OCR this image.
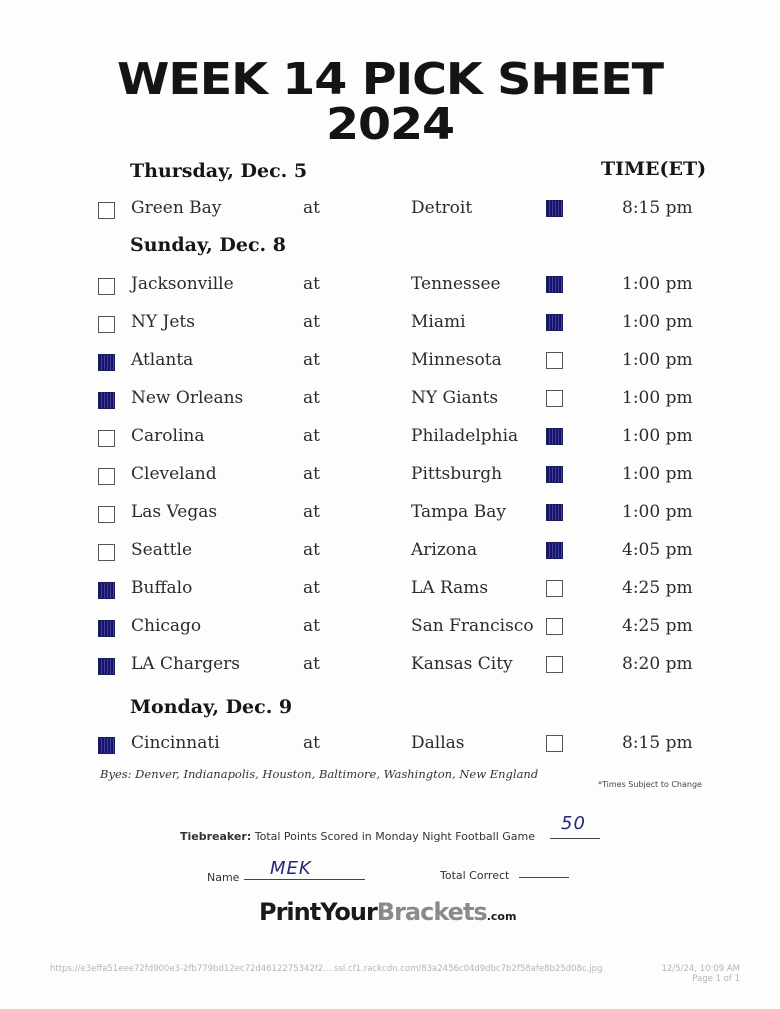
WEEK 14 PICK SHEET
2024
TIME(ET)
Thursday, Dec. 5
Green Bay	at	Detroit	8:15 pm
Sunday, Dec. 8
Jacksonville	at	Tennessee	1:00 pm
NY Jets	at	Miami	1:00 pm
Atlanta	at	Minnesota	1:00 pm
New Orleans	at	NY Giants	1:00 pm
Carolina	at	Philadelphia	1:00 pm
Cleveland	at	Pittsburgh	1:00 pm
Las Vegas	at	Tampa Bay	1:00 pm
Seattle	at	Arizona	4:05 pm
Buffalo	at	LA Rams	4:25 pm
Chicago	at	San Francisco	4:25 pm
LA Chargers	at	Kansas City	8:20 pm
Monday, Dec. 9
Cincinnati	at	Dallas	8:15 pm
Byes: Denver, Indianapolis, Houston, Baltimore, Washington, New England
*Times Subject to Change
Tiebreaker: Total Points Scored in Monday Night Football Game
50
Name MEK	Total Correct
PrintYourBrackets.com
https://e3effa51eee72fd900e3-2fb779bd12ec72d4612275342f2....ssl.cf1.rackcdn.com/83a2456c04d9dbc7b2f58afe8b25d08c.jpg	12/5/24, 10:09 AM
Page 1 of 1
